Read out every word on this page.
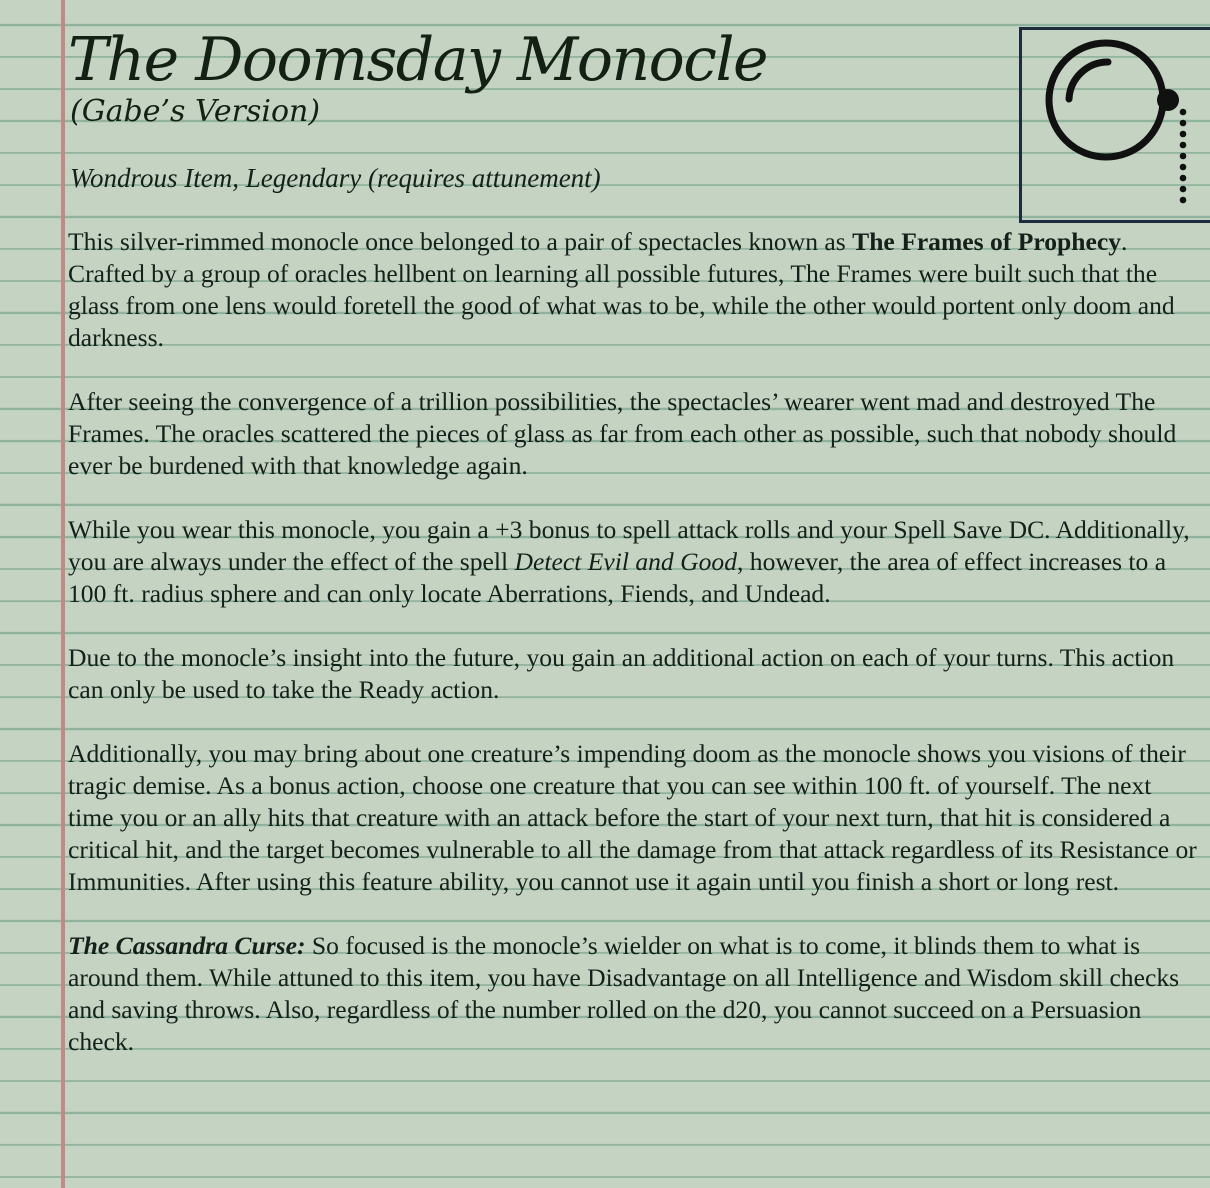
The Doomsday Monocle
(Gabe’s Version)
Wondrous Item, Legendary (requires attunement)

This silver-rimmed monocle once belonged to a pair of spectacles known as The Frames of Prophecy. Crafted by a group of oracles hellbent on learning all possible futures, The Frames were built such that the glass from one lens would foretell the good of what was to be, while the other would portent only doom and darkness.

After seeing the convergence of a trillion possibilities, the spectacles’ wearer went mad and destroyed The Frames. The oracles scattered the pieces of glass as far from each other as possible, such that nobody should ever be burdened with that knowledge again.

While you wear this monocle, you gain a +3 bonus to spell attack rolls and your Spell Save DC. Additionally, you are always under the effect of the spell Detect Evil and Good, however, the area of effect increases to a 100 ft. radius sphere and can only locate Aberrations, Fiends, and Undead.

Due to the monocle’s insight into the future, you gain an additional action on each of your turns. This action can only be used to take the Ready action.

Additionally, you may bring about one creature’s impending doom as the monocle shows you visions of their tragic demise. As a bonus action, choose one creature that you can see within 100 ft. of yourself. The next time you or an ally hits that creature with an attack before the start of your next turn, that hit is considered a critical hit, and the target becomes vulnerable to all the damage from that attack regardless of its Resistance or Immunities. After using this feature ability, you cannot use it again until you finish a short or long rest.

The Cassandra Curse: So focused is the monocle’s wielder on what is to come, it blinds them to what is around them. While attuned to this item, you have Disadvantage on all Intelligence and Wisdom skill checks and saving throws. Also, regardless of the number rolled on the d20, you cannot succeed on a Persuasion check.
